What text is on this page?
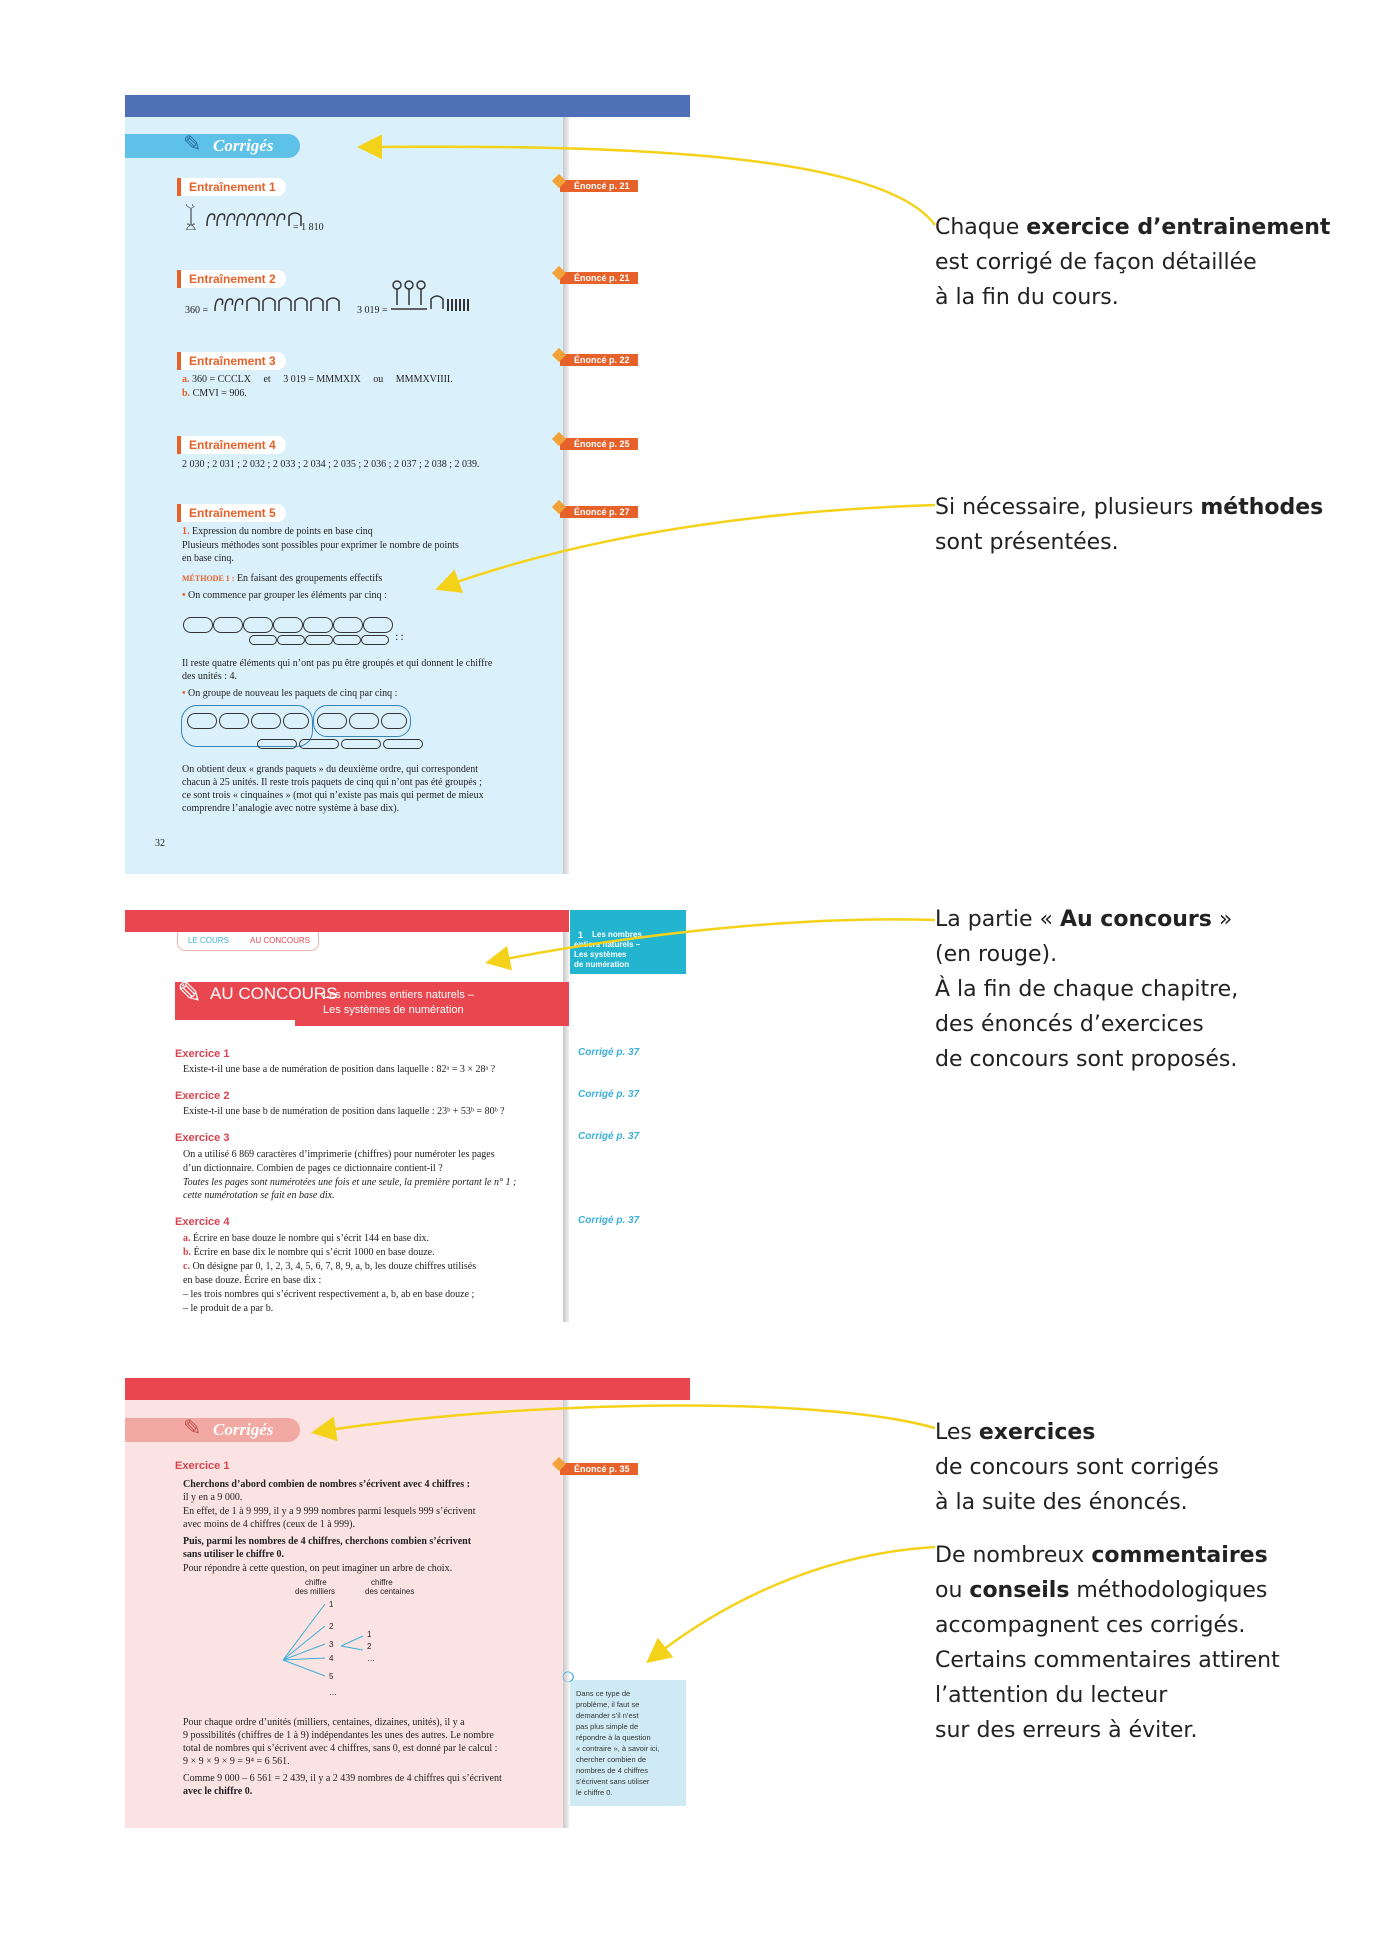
Corrigés
✎
Entraînement 1
𓆼	= 1 810
Entraînement 2
360 =	3 019 =
Entraînement 3
a. 360 = CCCLX     et     3 019 = MMMXIX     ou     MMMXVIIII.
b. CMVI = 906.
Entraînement 4
2 030 ; 2 031 ; 2 032 ; 2 033 ; 2 034 ; 2 035 ; 2 036 ; 2 037 ; 2 038 ; 2 039.
Entraînement 5
1. Expression du nombre de points en base cinq
Plusieurs méthodes sont possibles pour exprimer le nombre de points
en base cinq.
MÉTHODE 1 : En faisant des groupements effectifs
• On commence par grouper les éléments par cinq :
::
Il reste quatre éléments qui n’ont pas pu être groupés et qui donnent le chiffre
des unités : 4.
• On groupe de nouveau les paquets de cinq par cinq :
On obtient deux « grands paquets » du deuxième ordre, qui correspondent
chacun à 25 unités. Il reste trois paquets de cinq qui n’ont pas été groupés ;
ce sont trois « cinquaines » (mot qui n’existe pas mais qui permet de mieux
comprendre l’analogie avec notre système à base dix).
32
Énoncé p. 21
Énoncé p. 21
Énoncé p. 22
Énoncé p. 25
Énoncé p. 27
1 Les nombres
entiers naturels –
Les systèmes
de numération
LE COURS	AU CONCOURS
✎ AU CONCOURS
Les nombres entiers naturels –
Les systèmes de numération
Exercice 1
Existe-t-il une base a de numération de position dans laquelle : 82ᵃ = 3 × 28ᵃ ?
Exercice 2
Existe-t-il une base b de numération de position dans laquelle : 23ᵇ + 53ᵇ = 80ᵇ ?
Exercice 3
On a utilisé 6 869 caractères d’imprimerie (chiffres) pour numéroter les pages
d’un dictionnaire. Combien de pages ce dictionnaire contient-il ?
Toutes les pages sont numérotées une fois et une seule, la première portant le n° 1 ;
cette numérotation se fait en base dix.
Exercice 4
a. Écrire en base douze le nombre qui s’écrit 144 en base dix.
b. Écrire en base dix le nombre qui s’écrit 1000 en base douze.
c. On désigne par 0, 1, 2, 3, 4, 5, 6, 7, 8, 9, a, b, les douze chiffres utilisés
en base douze. Écrire en base dix :
– les trois nombres qui s’écrivent respectivement a, b, ab en base douze ;
– le produit de a par b.
Corrigé p. 37
Corrigé p. 37
Corrigé p. 37
Corrigé p. 37
Corrigés
✎
Exercice 1
Cherchons d’abord combien de nombres s’écrivent avec 4 chiffres :
il y en a 9 000.
En effet, de 1 à 9 999, il y a 9 999 nombres parmi lesquels 999 s’écrivent
avec moins de 4 chiffres (ceux de 1 à 999).
Puis, parmi les nombres de 4 chiffres, cherchons combien s’écrivent
sans utiliser le chiffre 0.
Pour répondre à cette question, on peut imaginer un arbre de choix.
chiffre
des milliers
chiffre
des centaines
1
2
3
4
5
…
1
2
…
Pour chaque ordre d’unités (milliers, centaines, dizaines, unités), il y a
9 possibilités (chiffres de 1 à 9) indépendantes les unes des autres. Le nombre
total de nombres qui s’écrivent avec 4 chiffres, sans 0, est donné par le calcul :
9 × 9 × 9 × 9 = 9⁴ = 6 561.
Comme 9 000 – 6 561 = 2 439, il y a 2 439 nombres de 4 chiffres qui s’écrivent
avec le chiffre 0.
Énoncé p. 35
❍
Dans ce type de
problème, il faut se
demander s’il n’est
pas plus simple de
répondre à la question
« contraire », à savoir ici,
chercher combien de
nombres de 4 chiffres
s’écrivent sans utiliser
le chiffre 0.
Chaque exercice d’entrainement
est corrigé de façon détaillée
à la fin du cours.
Si nécessaire, plusieurs méthodes
sont présentées.
La partie « Au concours »
(en rouge).
À la fin de chaque chapitre,
des énoncés d’exercices
de concours sont proposés.
Les exercices
de concours sont corrigés
à la suite des énoncés.
De nombreux commentaires
ou conseils méthodologiques
accompagnent ces corrigés.
Certains commentaires attirent
l’attention du lecteur
sur des erreurs à éviter.
